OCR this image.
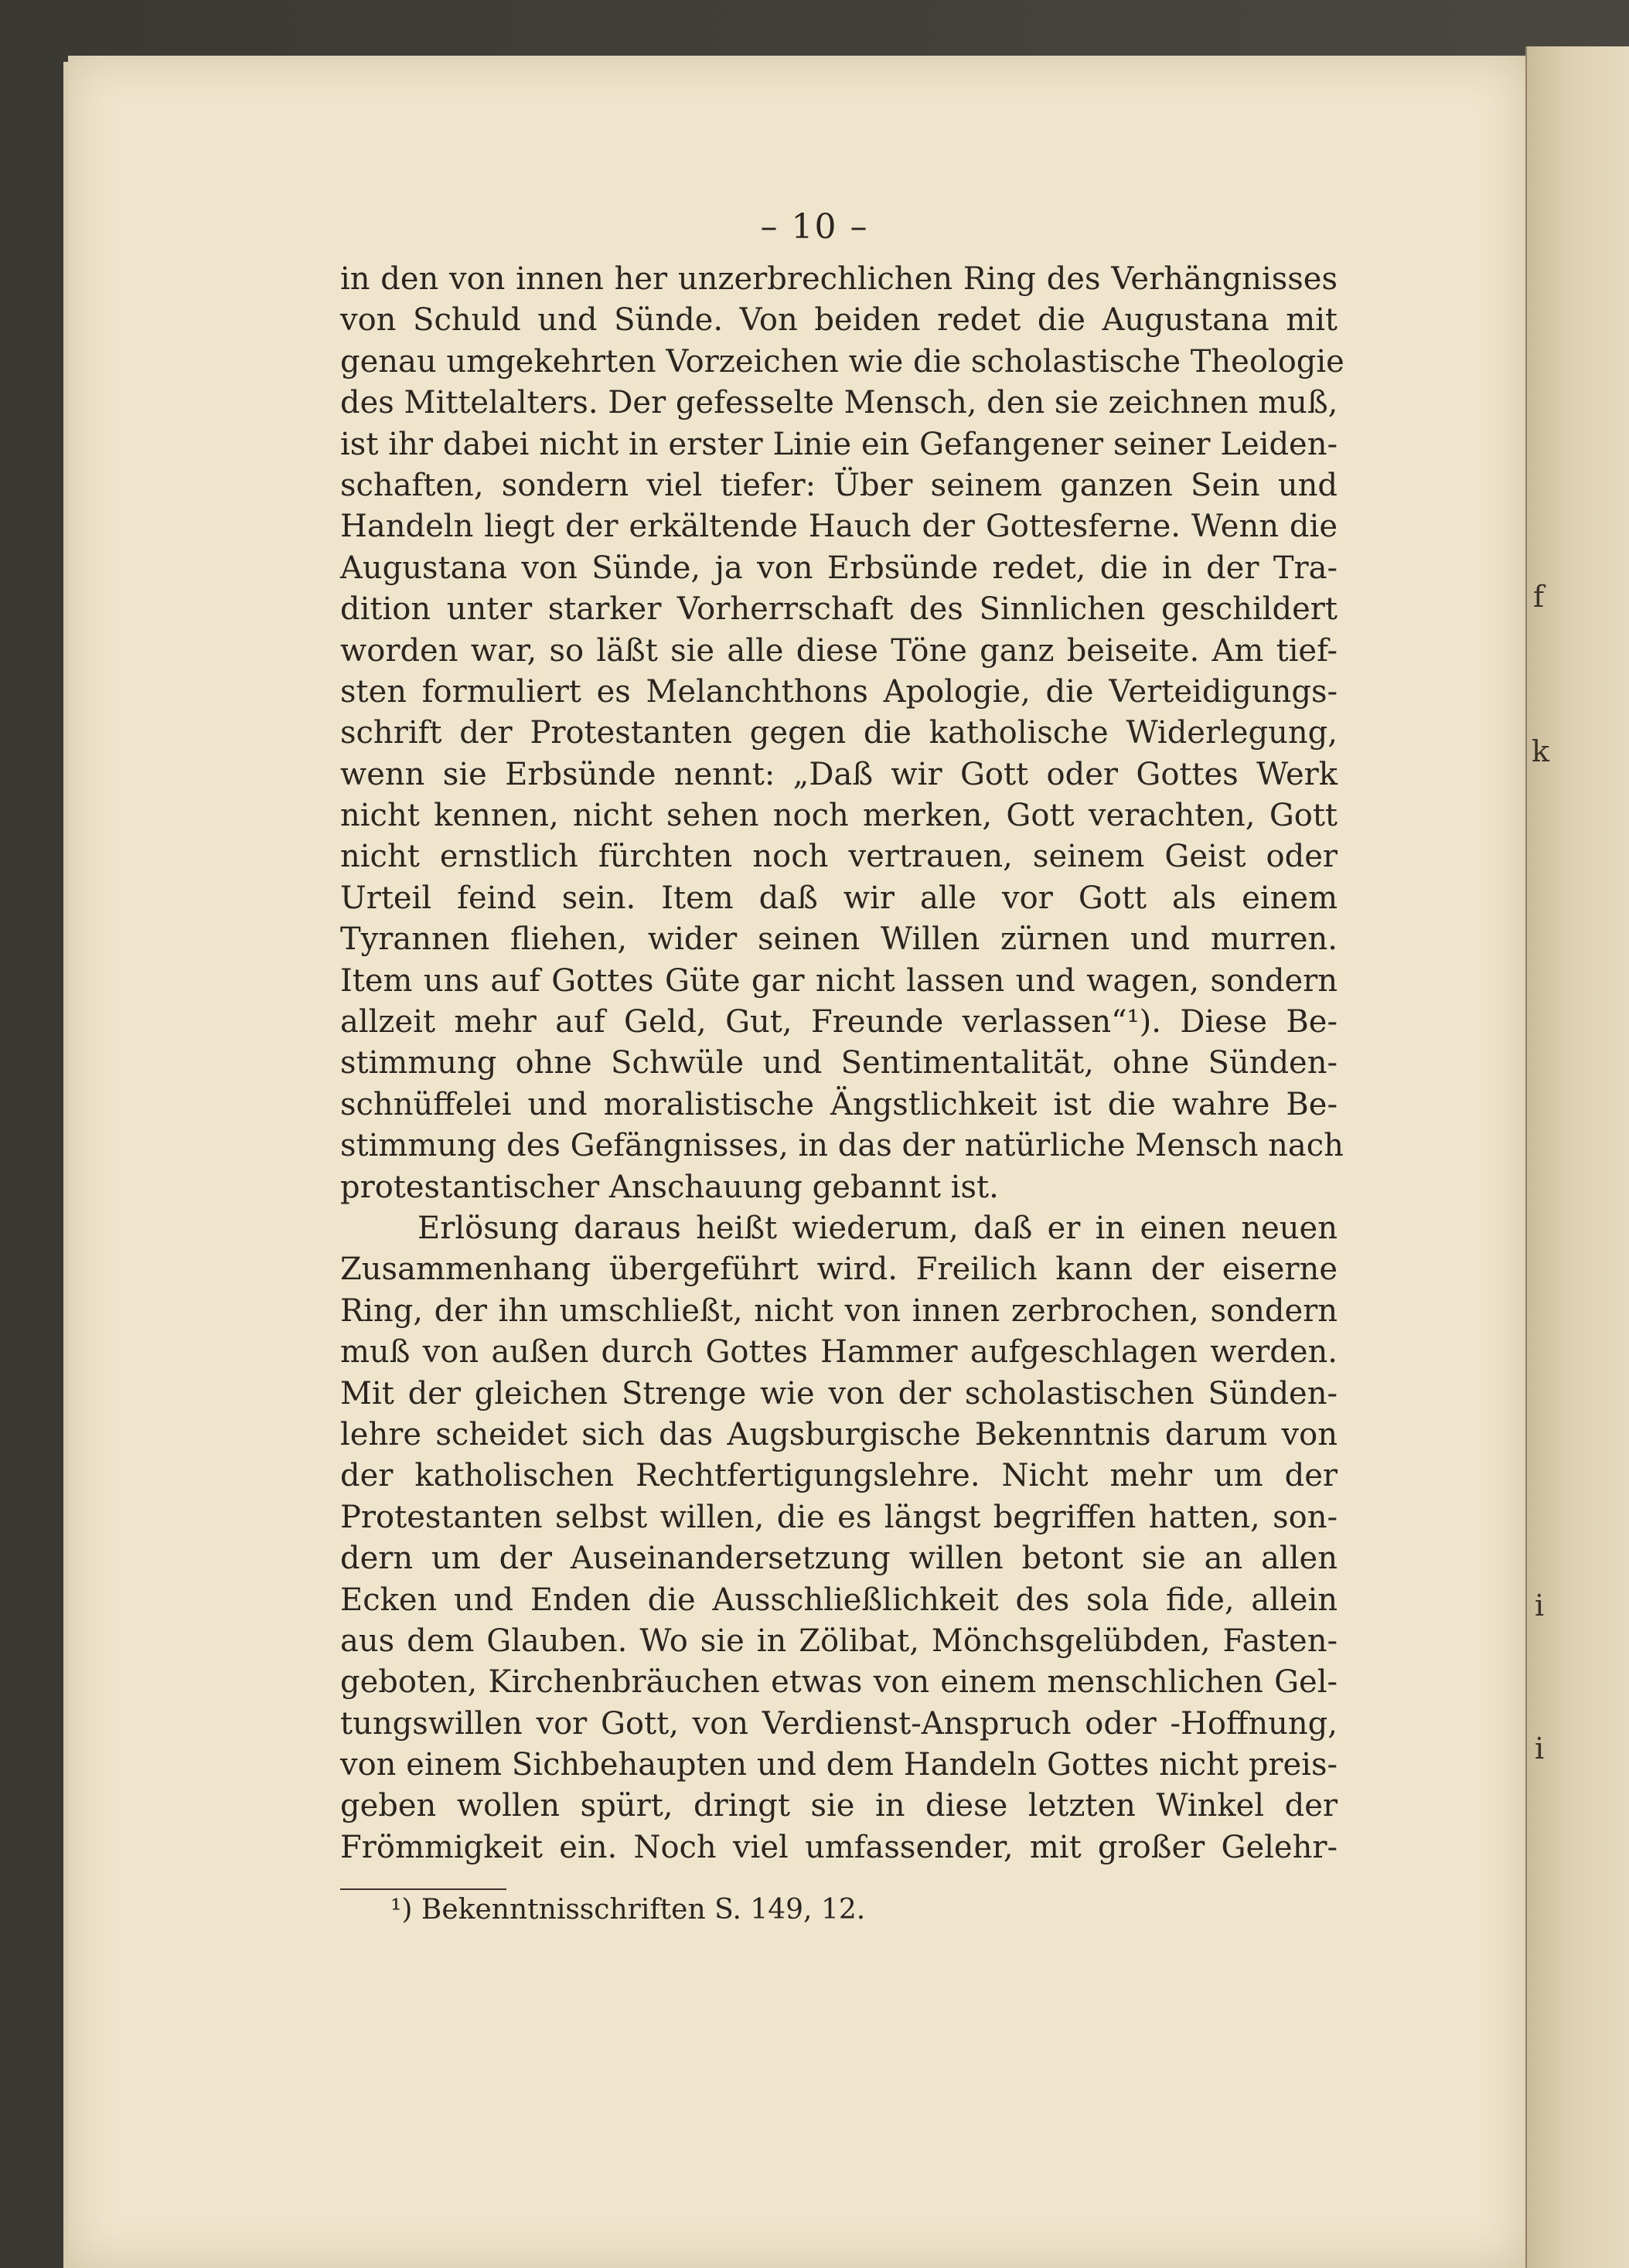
f
k
i
i
– 10 –
in den von innen her unzerbrechlichen Ring des Verhängnisses
von Schuld und Sünde. Von beiden redet die Augustana mit
genau umgekehrten Vorzeichen wie die scholastische Theologie
des Mittelalters. Der gefesselte Mensch, den sie zeichnen muß,
ist ihr dabei nicht in erster Linie ein Gefangener seiner Leiden-
schaften, sondern viel tiefer: Über seinem ganzen Sein und
Handeln liegt der erkältende Hauch der Gottesferne. Wenn die
Augustana von Sünde, ja von Erbsünde redet, die in der Tra-
dition unter starker Vorherrschaft des Sinnlichen geschildert
worden war, so läßt sie alle diese Töne ganz beiseite. Am tief-
sten formuliert es Melanchthons Apologie, die Verteidigungs-
schrift der Protestanten gegen die katholische Widerlegung,
wenn sie Erbsünde nennt: „Daß wir Gott oder Gottes Werk
nicht kennen, nicht sehen noch merken, Gott verachten, Gott
nicht ernstlich fürchten noch vertrauen, seinem Geist oder
Urteil feind sein. Item daß wir alle vor Gott als einem
Tyrannen fliehen, wider seinen Willen zürnen und murren.
Item uns auf Gottes Güte gar nicht lassen und wagen, sondern
allzeit mehr auf Geld, Gut, Freunde verlassen“¹). Diese Be-
stimmung ohne Schwüle und Sentimentalität, ohne Sünden-
schnüffelei und moralistische Ängstlichkeit ist die wahre Be-
stimmung des Gefängnisses, in das der natürliche Mensch nach
protestantischer Anschauung gebannt ist.
Erlösung daraus heißt wiederum, daß er in einen neuen
Zusammenhang übergeführt wird. Freilich kann der eiserne
Ring, der ihn umschließt, nicht von innen zerbrochen, sondern
muß von außen durch Gottes Hammer aufgeschlagen werden.
Mit der gleichen Strenge wie von der scholastischen Sünden-
lehre scheidet sich das Augsburgische Bekenntnis darum von
der katholischen Rechtfertigungslehre. Nicht mehr um der
Protestanten selbst willen, die es längst begriffen hatten, son-
dern um der Auseinandersetzung willen betont sie an allen
Ecken und Enden die Ausschließlichkeit des sola fide, allein
aus dem Glauben. Wo sie in Zölibat, Mönchsgelübden, Fasten-
geboten, Kirchenbräuchen etwas von einem menschlichen Gel-
tungswillen vor Gott, von Verdienst-Anspruch oder -Hoffnung,
von einem Sichbehaupten und dem Handeln Gottes nicht preis-
geben wollen spürt, dringt sie in diese letzten Winkel der
Frömmigkeit ein. Noch viel umfassender, mit großer Gelehr-
¹) Bekenntnisschriften S. 149, 12.
